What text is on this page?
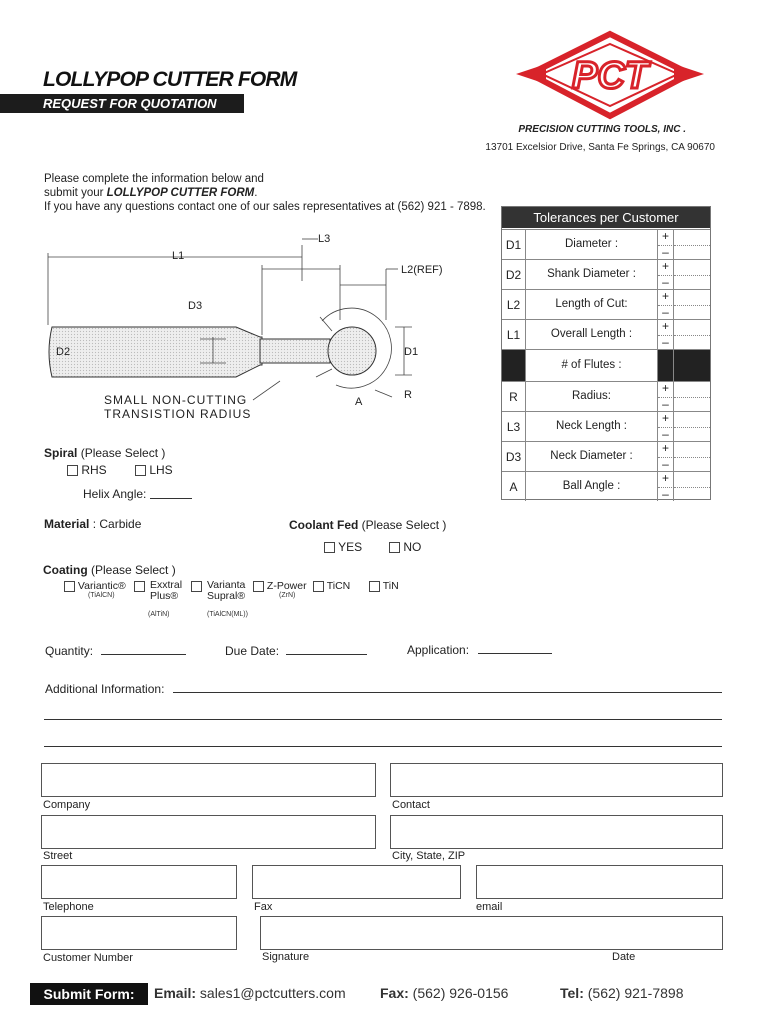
LOLLYPOP CUTTER FORM
REQUEST FOR QUOTATION
PCT
PRECISION CUTTING TOOLS, INC .
13701 Excelsior Drive, Santa Fe Springs, CA 90670
Please complete the information below and
submit your LOLLYPOP CUTTER FORM.
If you have any questions contact one of our sales representatives at (562) 921 - 7898.
L1
L3
L2(REF)
D3
D2	D1
A
R
SMALL NON-CUTTING
TRANSISTION RADIUS
Tolerances per Customer
D1	Diameter :
+
–
D2	Shank Diameter :
+
–
L2	Length of Cut:
+
–
L1	Overall Length :
+
–
# of Flutes :
R	Radius:
+
–
L3	Neck Length :
+
–
D3	Neck Diameter :
+
–
A	Ball Angle :
+
–
Spiral (Please Select )
RHS	LHS
Helix Angle:
Material : Carbide	Coolant Fed (Please Select )
YES	NO
Coating (Please Select )
Variantic®
(TiAlCN)
Exxtral Plus®
(AlTiN)
Varianta Supral®
(TiAlCN(ML))
Z-Power
(ZrN)
TiCN	TiN
Quantity:	Due Date:	Application:
Additional Information:
Company	Contact
Street	City, State, ZIP
Telephone	Fax	email
Customer Number	Signature	Date
Submit Form:	Email: sales1@pctcutters.com Fax: (562) 926-0156	Tel: (562) 921-7898
